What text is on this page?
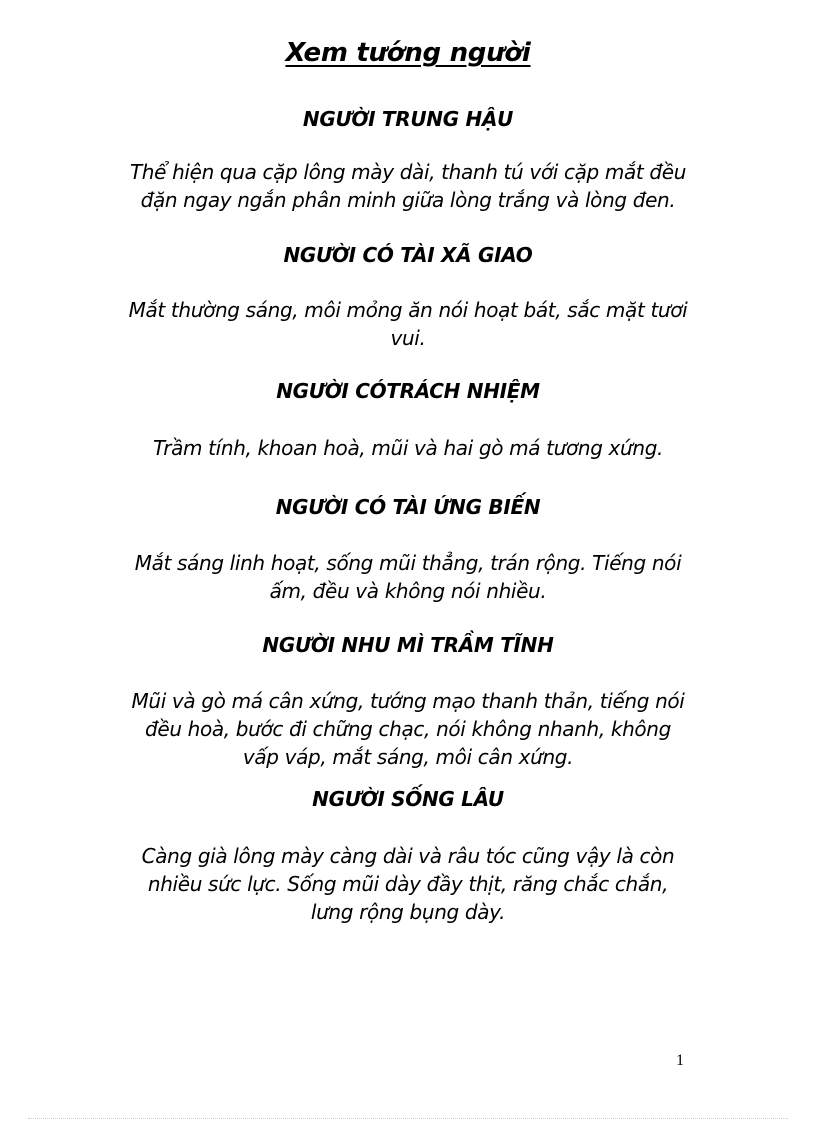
Xem tướng người
NGƯỜI TRUNG HẬU
Thể hiện qua cặp lông mày dài, thanh tú với cặp mắt đều
đặn ngay ngắn phân minh giữa lòng trắng và lòng đen.
NGƯỜI CÓ TÀI XÃ GIAO
Mắt thường sáng, môi mỏng ăn nói hoạt bát, sắc mặt tươi
vui.
NGƯỜI CÓTRÁCH NHIỆM
Trầm tính, khoan hoà, mũi và hai gò má tương xứng.
NGƯỜI CÓ TÀI ỨNG BIẾN
Mắt sáng linh hoạt, sống mũi thẳng, trán rộng. Tiếng nói
ấm, đều và không nói nhiều.
NGƯỜI NHU MÌ TRẦM TĨNH
Mũi và gò má cân xứng, tướng mạo thanh thản, tiếng nói
đều hoà, bước đi chững chạc, nói không nhanh, không
vấp váp, mắt sáng, môi cân xứng.
NGƯỜI SỐNG LÂU
Càng già lông mày càng dài và râu tóc cũng vậy là còn
nhiều sức lực. Sống mũi dày đầy thịt, răng chắc chắn,
lưng rộng bụng dày.
1
